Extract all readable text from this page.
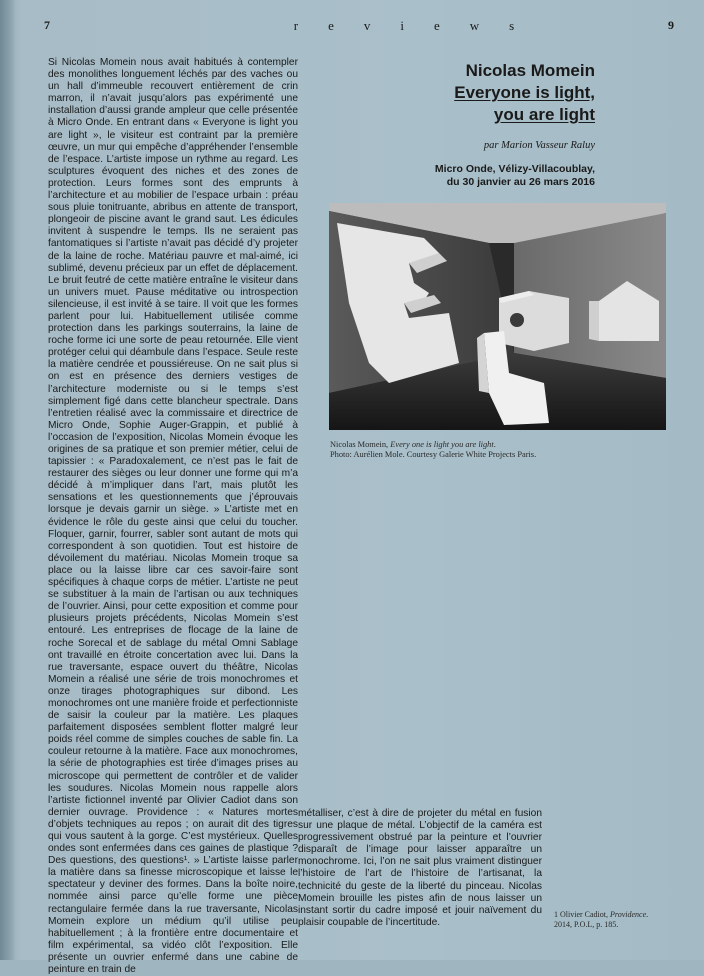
7	reviews	9

Si Nicolas Momein nous avait habitués à contempler des monolithes longuement léchés par des vaches ou un hall d’immeuble recouvert entièrement de crin marron, il n’avait jusqu’alors pas expérimenté une installation d’aussi grande ampleur que celle présentée à Micro Onde. En entrant dans « Everyone is light you are light », le visiteur est contraint par la première œuvre, un mur qui empêche d’appréhender l’ensemble de l’espace. L’artiste impose un rythme au regard. Les sculptures évoquent des niches et des zones de protection. Leurs formes sont des emprunts à l’architecture et au mobilier de l’espace urbain : préau sous pluie tonitruante, abribus en attente de transport, plongeoir de piscine avant le grand saut. Les édicules invitent à suspendre le temps. Ils ne seraient pas fantomatiques si l’artiste n’avait pas décidé d’y projeter de la laine de roche. Matériau pauvre et mal-aimé, ici sublimé, devenu précieux par un effet de déplacement. Le bruit feutré de cette matière entraîne le visiteur dans un univers muet. Pause méditative ou introspection silencieuse, il est invité à se taire. Il voit que les formes parlent pour lui. Habituellement utilisée comme protection dans les parkings souterrains, la laine de roche forme ici une sorte de peau retournée. Elle vient protéger celui qui déambule dans l’espace. Seule reste la matière cendrée et poussiéreuse. On ne sait plus si on est en présence des derniers vestiges de l’architecture moderniste ou si le temps s’est simplement figé dans cette blancheur spectrale. Dans l’entretien réalisé avec la commissaire et directrice de Micro Onde, Sophie Auger-Grappin, et publié à l’occasion de l’exposition, Nicolas Momein évoque les origines de sa pratique et son premier métier, celui de tapissier : « Paradoxalement, ce n’est pas le fait de restaurer des sièges ou leur donner une forme qui m’a décidé à m’impliquer dans l’art, mais plutôt les sensations et les questionnements que j’éprouvais lorsque je devais garnir un siège. » L’artiste met en évidence le rôle du geste ainsi que celui du toucher. Floquer, garnir, fourrer, sabler sont autant de mots qui correspondent à son quotidien. Tout est histoire de dévoilement du matériau. Nicolas Momein troque sa place ou la laisse libre car ces savoir-faire sont spécifiques à chaque corps de métier. L’artiste ne peut se substituer à la main de l’artisan ou aux techniques de l’ouvrier. Ainsi, pour cette exposition et comme pour plusieurs projets précédents, Nicolas Momein s’est entouré. Les entreprises de flocage de la laine de roche Sorecal et de sablage du métal Omni Sablage ont travaillé en étroite concertation avec lui. Dans la rue traversante, espace ouvert du théâtre, Nicolas Momein a réalisé une série de trois monochromes et onze tirages photographiques sur dibond. Les monochromes ont une manière froide et perfectionniste de saisir la couleur par la matière. Les plaques parfaitement disposées semblent flotter malgré leur poids réel comme de simples couches de sable fin. La couleur retourne à la matière. Face aux monochromes, la série de photographies est tirée d’images prises au microscope qui permettent de contrôler et de valider les soudures. Nicolas Momein nous rappelle alors l’artiste fictionnel inventé par Olivier Cadiot dans son dernier ouvrage. Providence : « Natures mortes d’objets techniques au repos ; on aurait dit des tigres qui vous sautent à la gorge. C’est mystérieux. Quelles ondes sont enfermées dans ces gaines de plastique ? Des questions, des questions¹. » L’artiste laisse parler la matière dans sa finesse microscopique et laisse le spectateur y deviner des formes. Dans la boîte noire, nommée ainsi parce qu’elle forme une pièce rectangulaire fermée dans la rue traversante, Nicolas Momein explore un médium qu’il utilise peu habituellement ; à la frontière entre documentaire et film expérimental, sa vidéo clôt l’exposition. Elle présente un ouvrier enfermé dans une cabine de peinture en train de

Nicolas Momein
Everyone is light,
you are light
par Marion Vasseur Raluy
Micro Onde, Vélizy-Villacoublay,
du 30 janvier au 26 mars 2016
Nicolas Momein, Every one is light you are light.
Photo: Aurélien Mole. Courtesy Galerie White Projects Paris.

métalliser, c’est à dire de projeter du métal en fusion sur une plaque de métal. L’objectif de la caméra est progressivement obstrué par la peinture et l’ouvrier disparaît de l’image pour laisser apparaître un monochrome. Ici, l’on ne sait plus vraiment distinguer l’histoire de l’art de l’histoire de l’artisanat, la technicité du geste de la liberté du pinceau. Nicolas Momein brouille les pistes afin de nous laisser un instant sortir du cadre imposé et jouir naïvement du plaisir coupable de l’incertitude.

1 Olivier Cadiot, Providence. 2014, P.O.L, p. 185.
